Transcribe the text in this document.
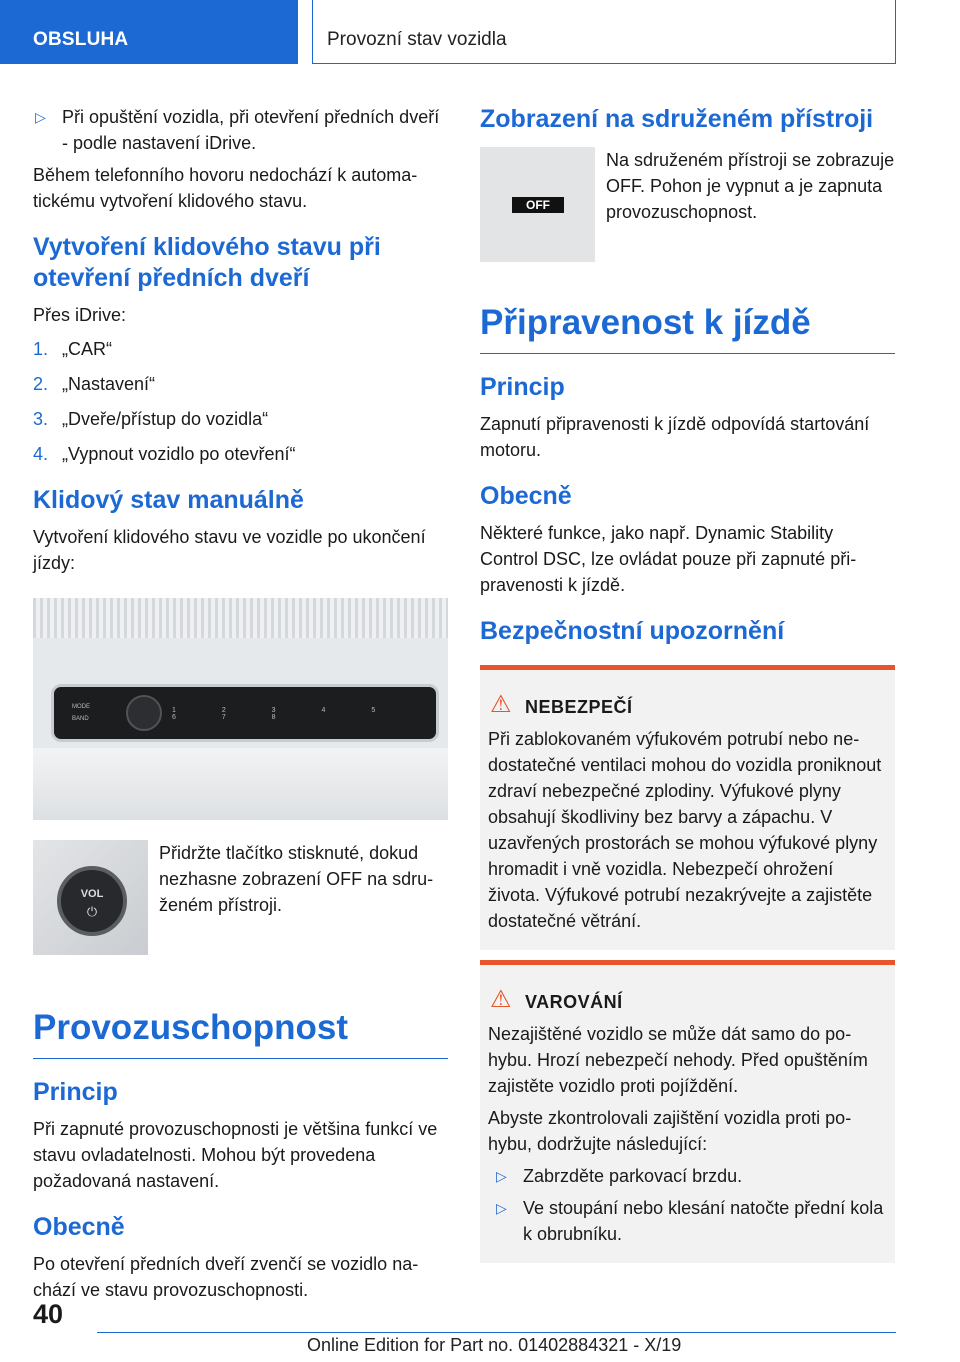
OBSLUHA	Provozní stav vozidla
▷ Při opuštění vozidla, při otevření předních dveří - podle nastavení iDrive.

Během telefonního hovoru nedochází k automatickému vytvoření klidového stavu.

Vytvoření klidového stavu při otevření předních dveří

Přes iDrive:

1. „CAR“
2. „Nastavení“
3. „Dveře/přístup do vozidla“
4. „Vypnout vozidlo po otevření“
Klidový stav manuálně

Vytvoření klidového stavu ve vozidle po ukončení jízdy:

MODE
BAND
1 2 3 4 5 6 7 8
VOL
⏻
Přidržte tlačítko stisknuté, dokud nezhasne zobrazení OFF na sdruženém přístroji.
Provozuschopnost
Princip

Při zapnuté provozuschopnosti je většina funkcí ve stavu ovladatelnosti. Mohou být provedena požadovaná nastavení.

Obecně

Po otevření předních dveří zvenčí se vozidlo nachází ve stavu provozuschopnosti.

Zobrazení na sdruženém přístroji
OFF
Na sdruženém přístroji se zobrazuje OFF. Pohon je vypnut a je zapnuta provozuschopnost.
Připravenost k jízdě
Princip

Zapnutí připravenosti k jízdě odpovídá startování motoru.

Obecně

Některé funkce, jako např. Dynamic Stability Control DSC, lze ovládat pouze při zapnuté připravenosti k jízdě.

Bezpečnostní upozornění
⚠ NEBEZPEČÍ

Při zablokovaném výfukovém potrubí nebo nedostatečné ventilaci mohou do vozidla proniknout zdraví nebezpečné zplodiny. Výfukové plyny obsahují škodliviny bez barvy a zápachu. V uzavřených prostorách se mohou výfukové plyny hromadit i vně vozidla. Nebezpečí ohrožení života. Výfukové potrubí nezakrývejte a zajistěte dostatečné větrání.

⚠ VAROVÁNÍ

Nezajištěné vozidlo se může dát samo do pohybu. Hrozí nebezpečí nehody. Před opuštěním zajistěte vozidlo proti pojíždění.

Abyste zkontrolovali zajištění vozidla proti pohybu, dodržujte následující:

▷ Zabrzděte parkovací brzdu.
▷ Ve stoupání nebo klesání natočte přední kola k obrubníku.
40
Online Edition for Part no. 01402884321 - X/19
